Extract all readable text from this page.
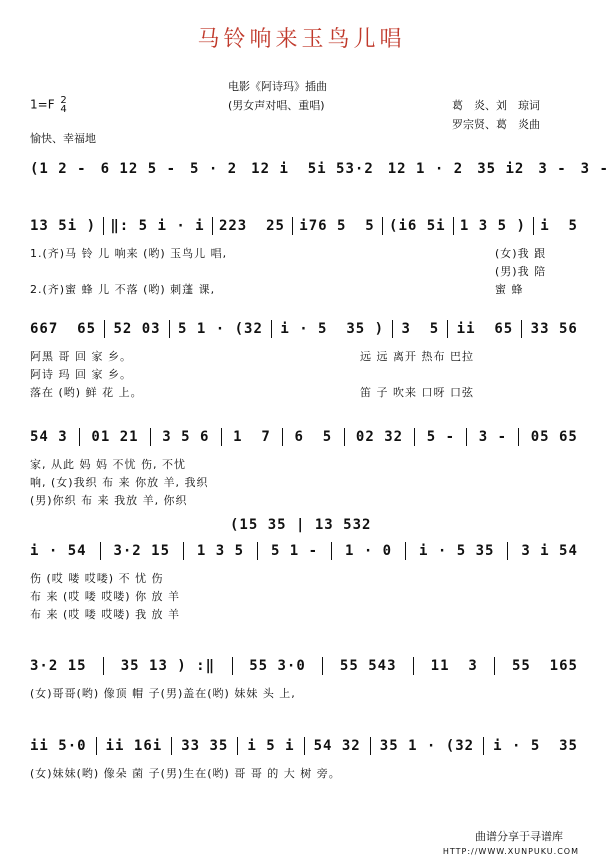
马铃响来玉鸟儿唱
电影《阿诗玛》插曲
(男女声对唱、重唱)
1=F 2
4	葛　炎、刘　琼词
罗宗贤、葛　炎曲
愉快、幸福地
(1 2 - 6 12 5 - 5 · 2 12 i  5i 53·2 12 1 · 2 35 i2 3 - 3 -
13 5i ) ‖: 5 i · i 223  25 i76 5  5 (i6 5i 1 3 5 ) i  5
1.(齐)马 铃 儿 响来 (哟) 玉鸟儿 唱,	(女)我 跟
(男)我 陪
2.(齐)蜜 蜂 儿 不落 (哟) 刺蓬 课,	蜜 蜂
667  65 52 03 5 1 · (32 i · 5  35 ) 3  5 ii  65 33 56
阿黑 哥 回 家 乡。	远 远 离开 热布 巴拉
阿诗 玛 回 家 乡。
落在 (哟) 鲜 花 上。	笛 子 吹来 口呀 口弦
54 3 01 21 3 5 6 1  7 6  5 02 32 5 - 3 - 05 65
家, 从此 妈 妈 不忧 伤, 不忧
响, (女)我织 布 来 你放 羊, 我织
(男)你织 布 来 我放 羊, 你织
(15 35 | 13 532
i · 54 3·2 15 1 3 5 5 1 - 1 · 0 i · 5 35 3 i 54
伤 (哎 喽 哎喽) 不 忧 伤
布 来 (哎 喽 哎喽) 你 放 羊
布 来 (哎 喽 哎喽) 我 放 羊
3·2 15 35 13 ) :‖ 55 3·0 55 543 11  3 55  165
(女)哥哥(哟) 像顶 帽 子(男)盖在(哟) 妹妹 头 上,
ii 5·0 ii 16i 33 35 i 5 i 54 32 35 1 · (32 i · 5  35
(女)妹妹(哟) 像朵 菌 子(男)生在(哟) 哥 哥 的 大 树 旁。
曲谱分享于寻谱库
HTTP://WWW.XUNPUKU.COM
